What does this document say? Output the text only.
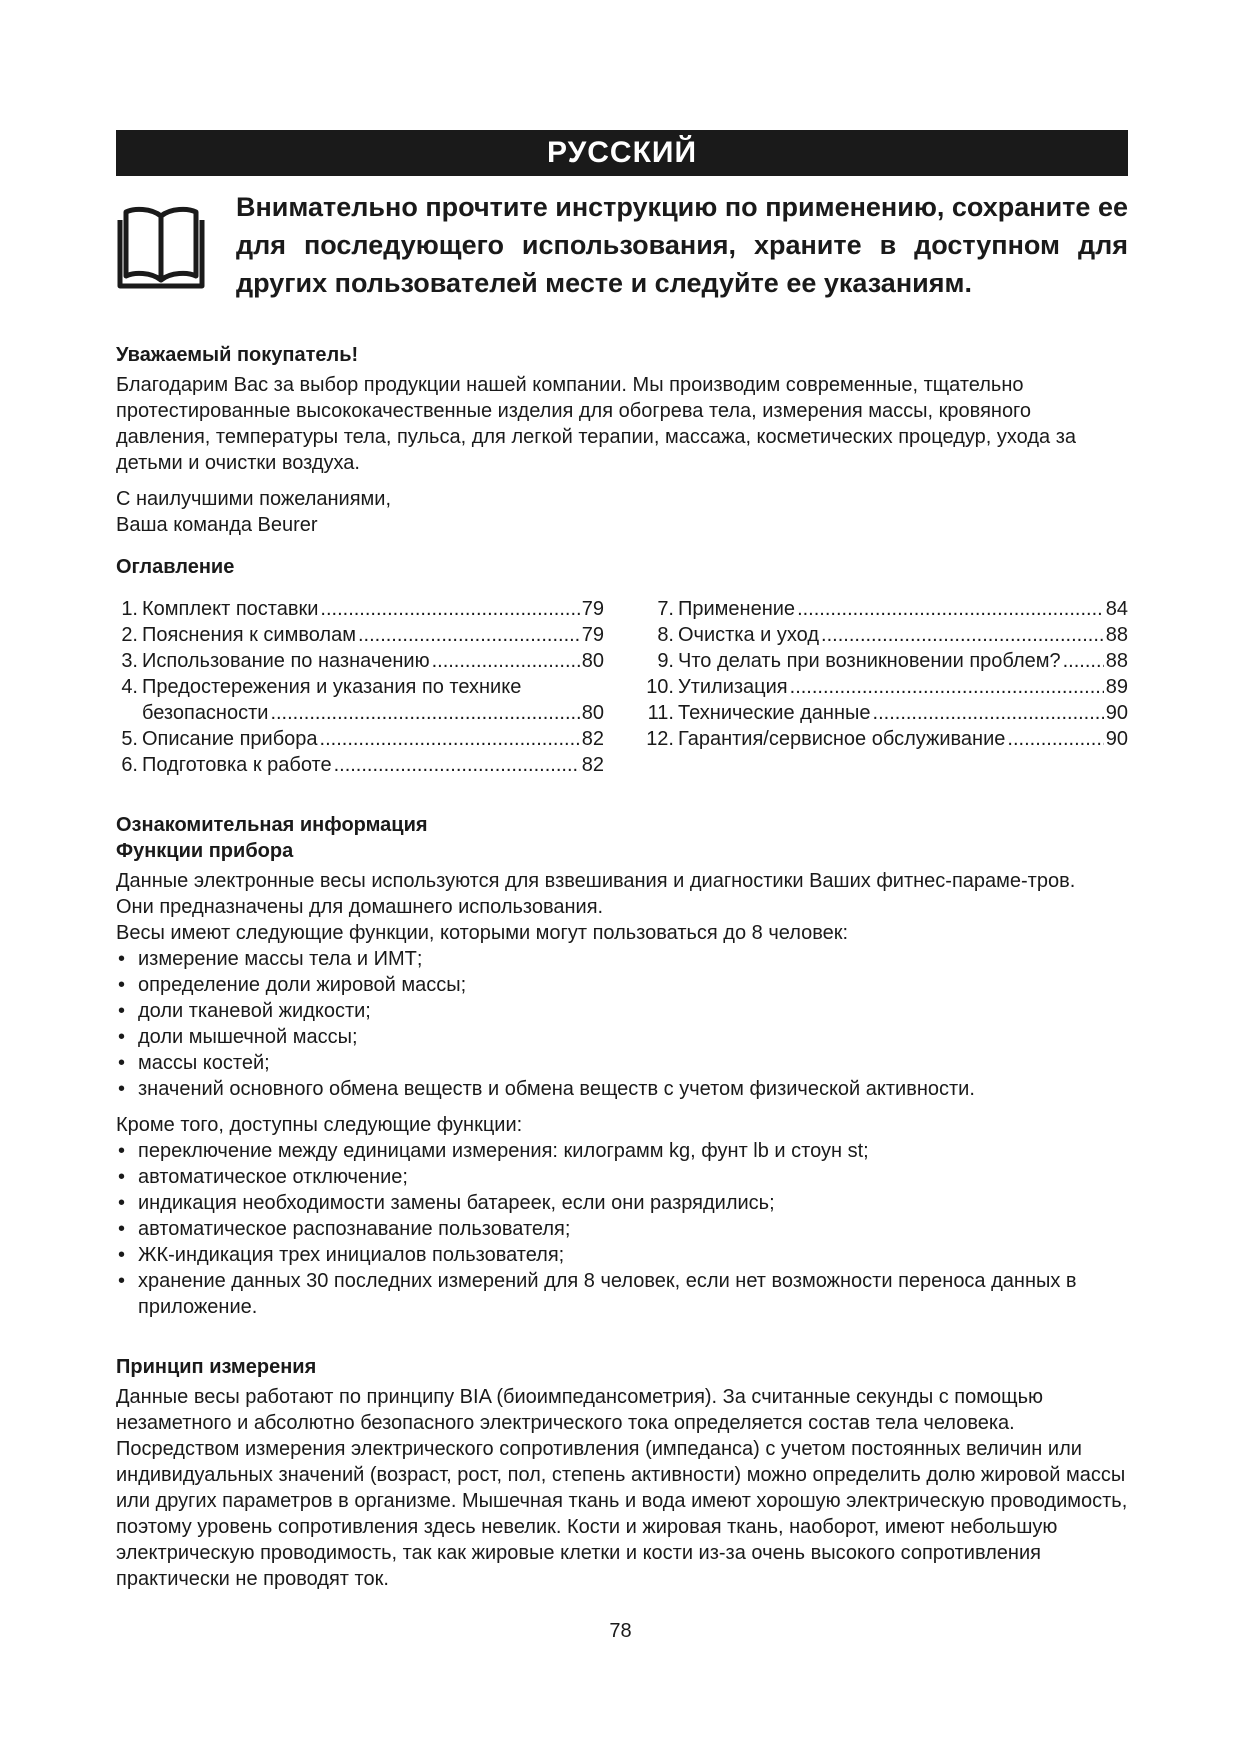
РУССКИЙ
Внимательно прочтите инструкцию по применению, сохраните ее для последующего использования, храните в доступном для других пользователей месте и следуйте ее указаниям.
Уважаемый покупатель!

Благодарим Вас за выбор продукции нашей компании. Мы производим современные, тщательно протестированные высококачественные изделия для обогрева тела, измерения массы, кровяного давления, температуры тела, пульса, для легкой терапии, массажа, косметических процедур, ухода за детьми и очистки воздуха.

С наилучшими пожеланиями,

Ваша команда Beurer

Оглавление
1. Комплект поставки .....	79
2. Пояснения к символам .....	79
3. Использование по назначению .....	80
4. Предостережения и указания по технике
безопасности .....	80
5. Описание прибора .....	82
6. Подготовка к работе .....	82
7. Применение .....	84
8. Очистка и уход .....	88
9. Что делать при возникновении проблем? ..... 88
10. Утилизация .....	89
11. Технические данные .....	90
12. Гарантия/сервисное обслуживание .....	90
Ознакомительная информация
Функции прибора

Данные электронные весы используются для взвешивания и диагностики Ваших фитнес-параме-тров.

Они предназначены для домашнего использования.

Весы имеют следующие функции, которыми могут пользоваться до 8 человек:

• измерение массы тела и ИМТ;
• определение доли жировой массы;
• доли тканевой жидкости;
• доли мышечной массы;
• массы костей;
• значений основного обмена веществ и обмена веществ с учетом физической активности.

Кроме того, доступны следующие функции:

• переключение между единицами измерения: килограмм kg, фунт lb и стоун st;
• автоматическое отключение;
• индикация необходимости замены батареек, если они разрядились;
• автоматическое распознавание пользователя;
• ЖК-индикация трех инициалов пользователя;
• хранение данных 30 последних измерений для 8 человек, если нет возможности переноса данных в приложение.
Принцип измерения

Данные весы работают по принципу BIA (биоимпедансометрия). За считанные секунды с помощью незаметного и абсолютно безопасного электрического тока определяется состав тела человека.

Посредством измерения электрического сопротивления (импеданса) с учетом постоянных величин или индивидуальных значений (возраст, рост, пол, степень активности) можно определить долю жировой массы или других параметров в организме. Мышечная ткань и вода имеют хорошую электрическую проводимость, поэтому уровень сопротивления здесь невелик. Кости и жировая ткань, наоборот, имеют небольшую электрическую проводимость, так как жировые клетки и кости из-за очень высокого сопротивления практически не проводят ток.

78
